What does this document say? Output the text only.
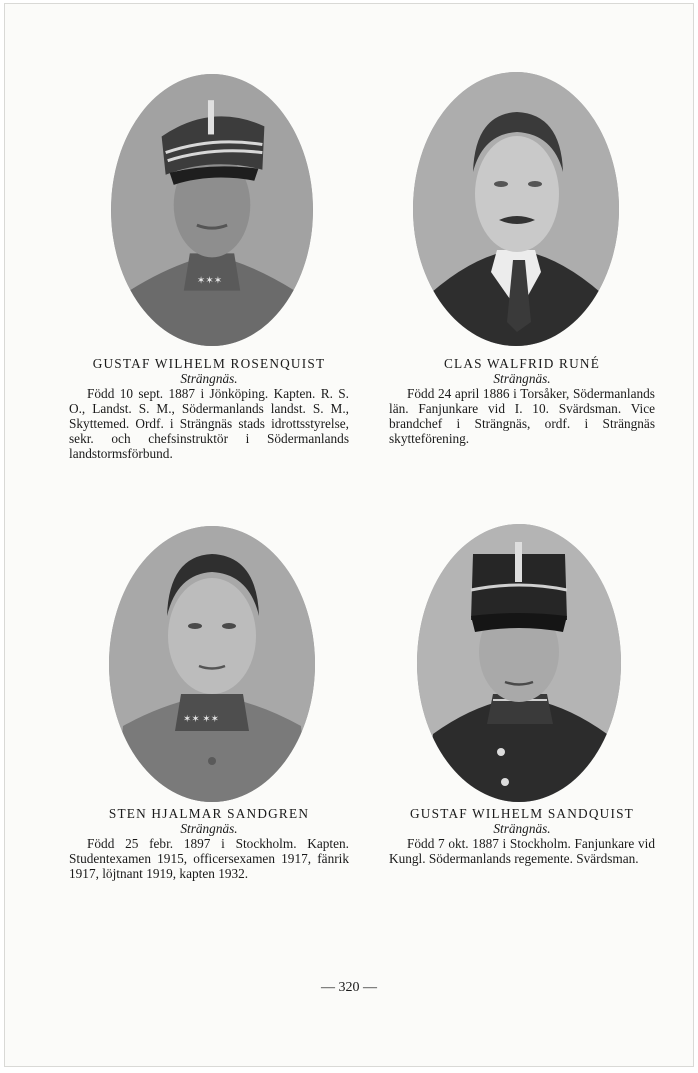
✶✶✶
GUSTAF WILHELM ROSENQUIST
Strängnäs.
Född 10 sept. 1887 i Jönköping. Kapten. R. S. O., Landst. S. M., Södermanlands landst. S. M., Skyttemed. Ordf. i Strängnäs stads idrottsstyrelse, sekr. och chefsinstruktör i Södermanlands landstormsförbund.
CLAS WALFRID RUNÉ
Strängnäs.
Född 24 april 1886 i Torsåker, Södermanlands län. Fanjunkare vid I. 10. Svärdsman. Vice brandchef i Strängnäs, ordf. i Strängnäs skytteförening.
✶✶ ✶✶
STEN HJALMAR SANDGREN
Strängnäs.
Född 25 febr. 1897 i Stockholm. Kapten. Studentexamen 1915, officersexamen 1917, fänrik 1917, löjtnant 1919, kapten 1932.
GUSTAF WILHELM SANDQUIST
Strängnäs.
Född 7 okt. 1887 i Stockholm. Fanjunkare vid Kungl. Södermanlands regemente. Svärdsman.
— 320 —
